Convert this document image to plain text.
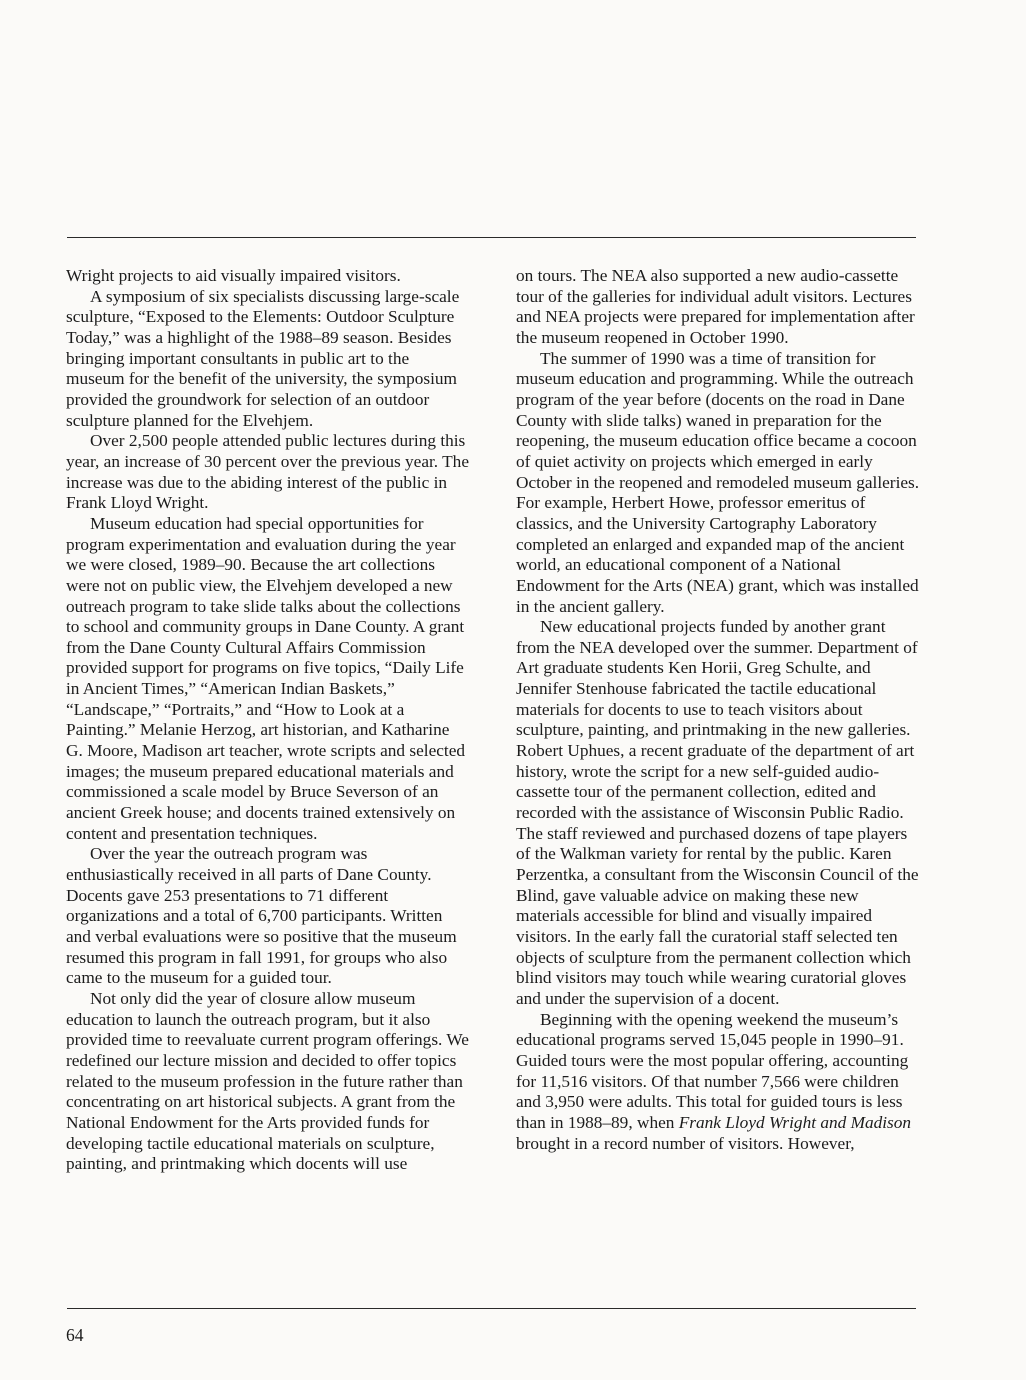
Wright projects to aid visually impaired visitors.

A symposium of six specialists discussing large-scale sculpture, “Exposed to the Elements: Outdoor Sculpture Today,” was a highlight of the 1988–89 season. Besides bringing important consultants in public art to the museum for the benefit of the university, the symposium provided the groundwork for selection of an outdoor sculpture planned for the Elvehjem.

Over 2,500 people attended public lectures during this year, an increase of 30 percent over the previous year. The increase was due to the abiding interest of the public in Frank Lloyd Wright.

Museum education had special opportunities for program experimentation and evaluation during the year we were closed, 1989–90. Because the art collections were not on public view, the Elvehjem developed a new outreach program to take slide talks about the collections to school and community groups in Dane County. A grant from the Dane County Cultural Affairs Commission provided support for programs on five topics, “Daily Life in Ancient Times,” “American Indian Baskets,” “Landscape,” “Portraits,” and “How to Look at a Painting.” Melanie Herzog, art historian, and Katharine G. Moore, Madison art teacher, wrote scripts and selected images; the museum prepared educational materials and commissioned a scale model by Bruce Severson of an ancient Greek house; and docents trained extensively on content and presentation techniques.

Over the year the outreach program was enthusiastically received in all parts of Dane County. Docents gave 253 presentations to 71 different organizations and a total of 6,700 participants. Written and verbal evaluations were so positive that the museum resumed this program in fall 1991, for groups who also came to the museum for a guided tour.

Not only did the year of closure allow museum education to launch the outreach program, but it also provided time to reevaluate current program offerings. We redefined our lecture mission and decided to offer topics related to the museum profession in the future rather than concentrating on art historical subjects. A grant from the National Endowment for the Arts provided funds for developing tactile educational materials on sculpture, painting, and printmaking which docents will use

on tours. The NEA also supported a new audio-cassette tour of the galleries for individual adult visitors. Lectures and NEA projects were prepared for implementation after the museum reopened in October 1990.

The summer of 1990 was a time of transition for museum education and programming. While the outreach program of the year before (docents on the road in Dane County with slide talks) waned in preparation for the reopening, the museum education office became a cocoon of quiet activity on projects which emerged in early October in the reopened and remodeled museum galleries. For example, Herbert Howe, professor emeritus of classics, and the University Cartography Laboratory completed an enlarged and expanded map of the ancient world, an educational component of a National Endowment for the Arts (NEA) grant, which was installed in the ancient gallery.

New educational projects funded by another grant from the NEA developed over the summer. Department of Art graduate students Ken Horii, Greg Schulte, and Jennifer Stenhouse fabricated the tactile educational materials for docents to use to teach visitors about sculpture, painting, and printmaking in the new galleries. Robert Uphues, a recent graduate of the department of art history, wrote the script for a new self-guided audio-cassette tour of the permanent collection, edited and recorded with the assistance of Wisconsin Public Radio. The staff reviewed and purchased dozens of tape players of the Walkman variety for rental by the public. Karen Perzentka, a consultant from the Wisconsin Council of the Blind, gave valuable advice on making these new materials accessible for blind and visually impaired visitors. In the early fall the curatorial staff selected ten objects of sculpture from the permanent collection which blind visitors may touch while wearing curatorial gloves and under the supervision of a docent.

Beginning with the opening weekend the museum’s educational programs served 15,045 people in 1990–91. Guided tours were the most popular offering, accounting for 11,516 visitors. Of that number 7,566 were children and 3,950 were adults. This total for guided tours is less than in 1988–89, when Frank Lloyd Wright and Madison brought in a record number of visitors. However,

64
